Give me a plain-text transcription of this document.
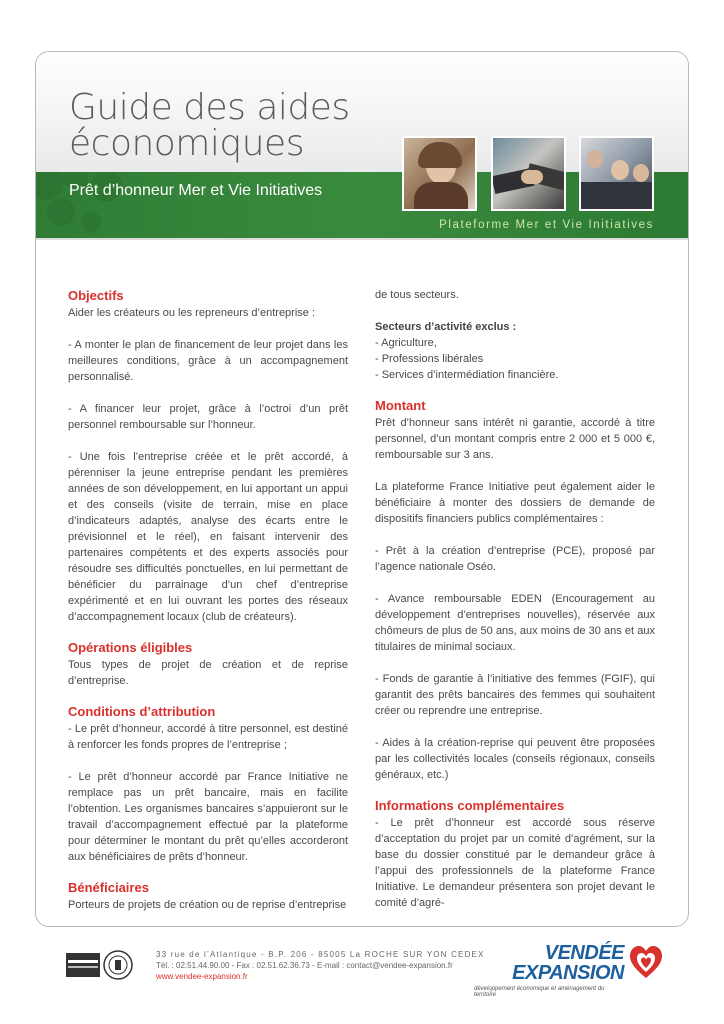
Guide des aides
économiques
Prêt d’honneur Mer et Vie Initiatives
Plateforme Mer et Vie Initiatives
Objectifs

Aider les créateurs ou les repreneurs d’entreprise :

- A monter le plan de financement de leur projet dans les meilleures conditions, grâce à un accompagnement personnalisé.

- A financer leur projet, grâce à l’octroi d’un prêt personnel remboursable sur l’honneur.

- Une fois l’entreprise créée et le prêt accordé, à pérenniser la jeune entreprise pendant les premières années de son développement, en lui apportant un appui et des conseils (visite de terrain, mise en place d’indicateurs adaptés, analyse des écarts entre le prévisionnel et le réel), en faisant intervenir des partenaires compétents et des experts associés pour résoudre ses difficultés ponctuelles, en lui permettant de bénéficier du parrainage d’un chef d’entreprise expérimenté et en lui ouvrant les portes des réseaux d’accompagnement locaux (club de créateurs).

Opérations éligibles

Tous types de projet de création et de reprise d’entreprise.

Conditions d’attribution

- Le prêt d’honneur, accordé à titre personnel, est destiné à renforcer les fonds propres de l’entreprise ;

- Le prêt d’honneur accordé par France Initiative ne remplace pas un prêt bancaire, mais en facilite l’obtention. Les organismes bancaires s’appuieront sur le travail d’accompagnement effectué par la plateforme pour déterminer le montant du prêt qu’elles accorderont aux bénéficiaires de prêts d’honneur.

Bénéficiaires

Porteurs de projets de création ou de reprise d’entreprise

de tous secteurs.

Secteurs d’activité exclus :

- Agriculture,

- Professions libérales

- Services d’intermédiation financière.

Montant

Prêt d’honneur sans intérêt ni garantie, accordé à titre personnel, d’un montant compris entre 2 000 et 5 000 €, remboursable sur 3 ans.

La plateforme France Initiative peut également aider le bénéficiaire à monter des dossiers de demande de dispositifs financiers publics complémentaires :

- Prêt à la création d’entreprise (PCE), proposé par l’agence nationale Oséo.

- Avance remboursable EDEN (Encouragement au développement d’entreprises nouvelles), réservée aux chômeurs de plus de 50 ans, aux moins de 30 ans et aux titulaires de minimal sociaux.

- Fonds de garantie à l’initiative des femmes (FGIF), qui garantit des prêts bancaires des femmes qui souhaitent créer ou reprendre une entreprise.

- Aides à la création-reprise qui peuvent être proposées par les collectivités locales (conseils régionaux, conseils généraux, etc.)

Informations complémentaires

- Le prêt d’honneur est accordé sous réserve d’acceptation du projet par un comité d’agrément, sur la base du dossier constitué par le demandeur grâce à l’appui des professionnels de la plateforme France Initiative. Le demandeur présentera son projet devant le comité d’agré-

33 rue de l’Atlantique - B.P. 206 - 85005 La ROCHE SUR YON CEDEX
Tél. : 02.51.44.90.00 - Fax : 02.51.62.36.73 - E-mail : contact@vendee-expansion.fr
www.vendee-expansion.fr
VENDÉE
EXPANSION
développement économique et aménagement du territoire
